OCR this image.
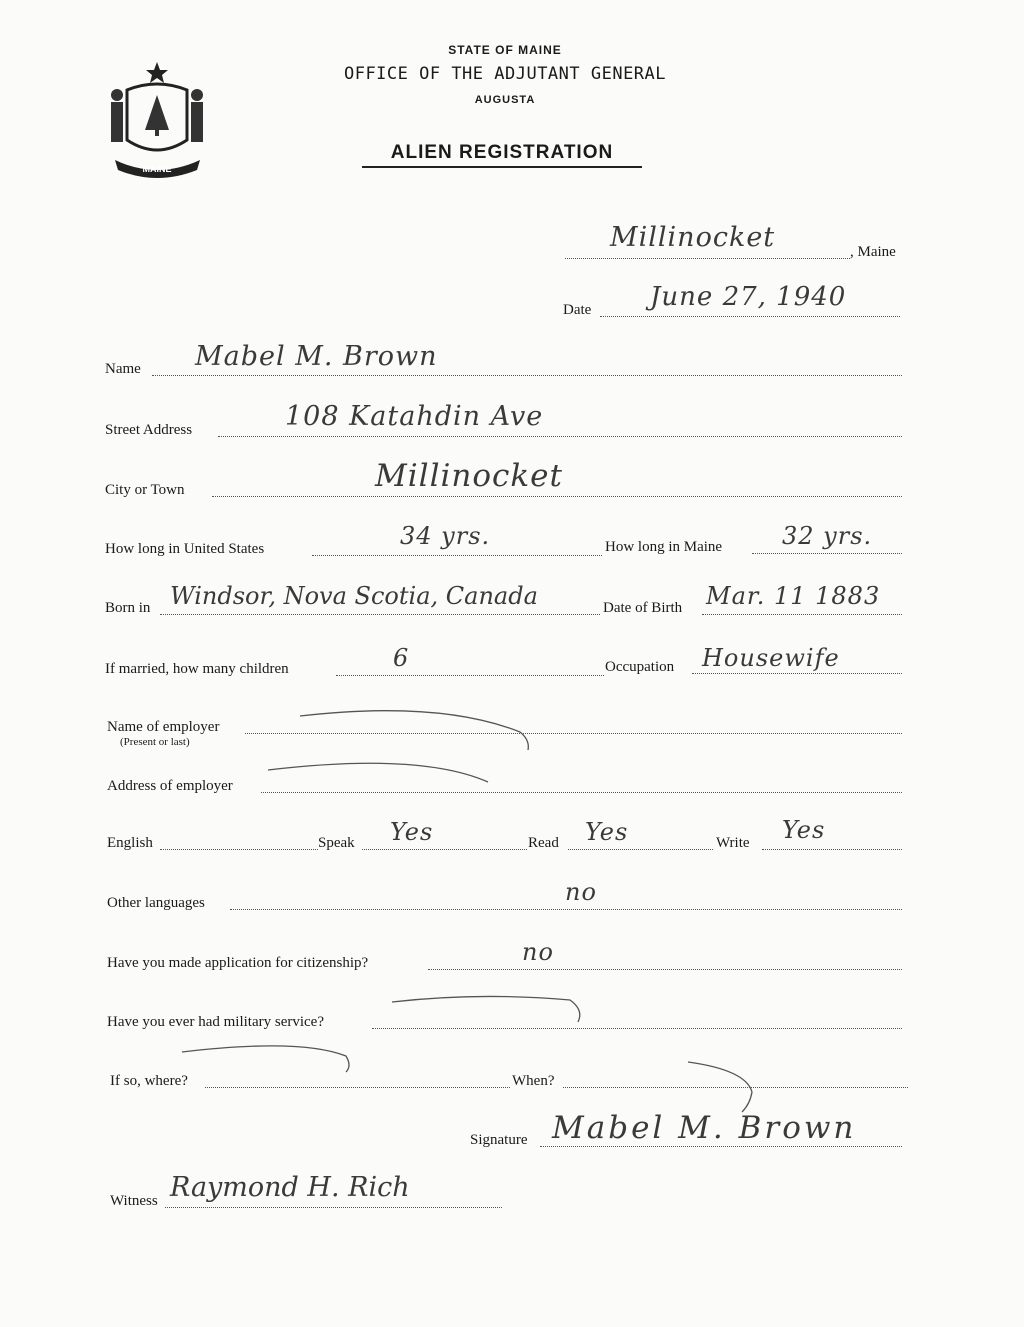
MAINE
STATE OF MAINE
OFFICE OF THE ADJUTANT GENERAL
AUGUSTA
ALIEN REGISTRATION
Millinocket	, Maine
Date June 27, 1940
Name Mabel M. Brown
Street Address	108 Katahdin Ave
City or Town	Millinocket
How long in United States	34 yrs.	How long in Maine 32 yrs.
Born in Windsor, Nova Scotia, Canada	Date of Birth Mar. 11 1883
If married, how many children	6	Occupation Housewife
Name of employer
(Present or last)
Address of employer
English	Speak Yes	Read Yes	Write Yes
Other languages	no
Have you made application for citizenship?	no
Have you ever had military service?
If so, where?	When?
Signature Mabel M. Brown
Witness Raymond H. Rich
